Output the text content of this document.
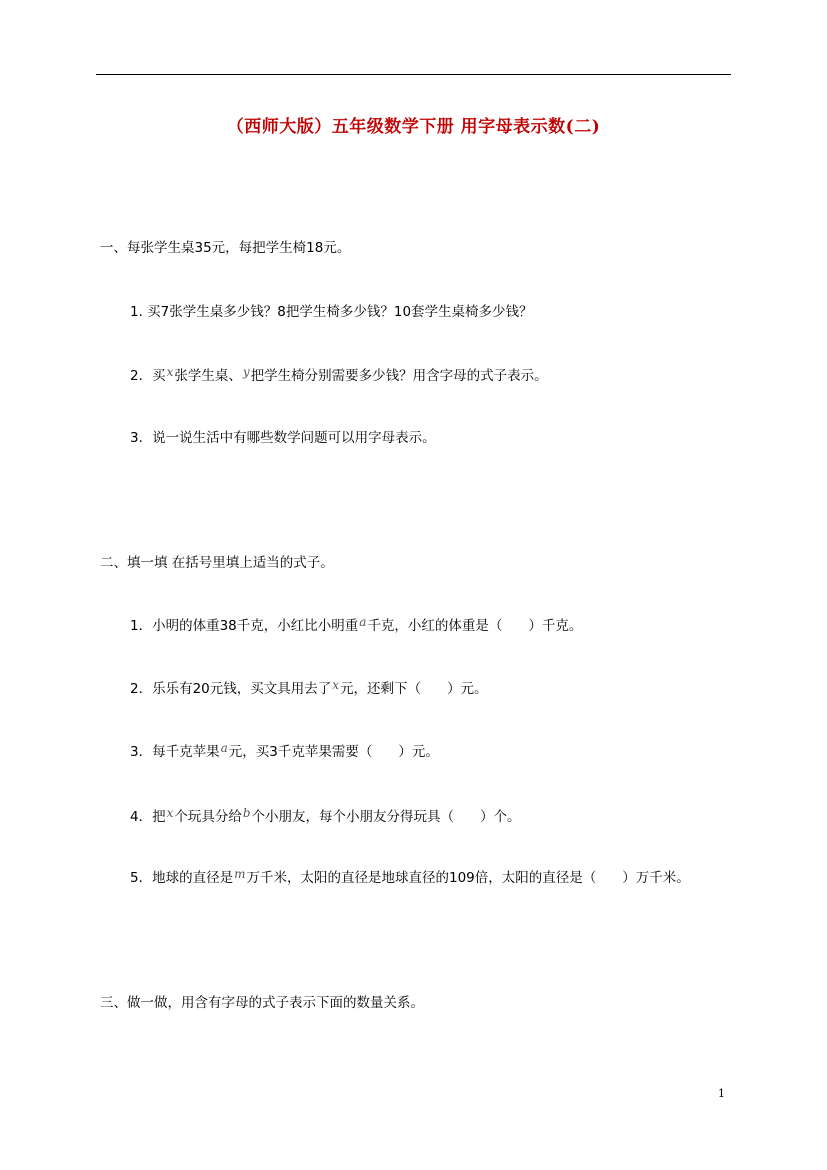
（西师大版）五年级数学下册 用字母表示数(二)
一、每张学生桌35元，每把学生椅18元。
1. 买7张学生桌多少钱？8把学生椅多少钱？10套学生桌椅多少钱？
2．买x张学生桌、y把学生椅分别需要多少钱？用含字母的式子表示。
3．说一说生活中有哪些数学问题可以用字母表示。
二、填一填 在括号里填上适当的式子。
1．小明的体重38千克，小红比小明重a千克，小红的体重是（ ）千克。
2．乐乐有20元钱，买文具用去了x元，还剩下（ ）元。
3．每千克苹果a元，买3千克苹果需要（ ）元。
4．把x个玩具分给b个小朋友，每个小朋友分得玩具（ ）个。
5．地球的直径是m万千米，太阳的直径是地球直径的109倍，太阳的直径是（ ）万千米。
三、做一做，用含有字母的式子表示下面的数量关系。
1
